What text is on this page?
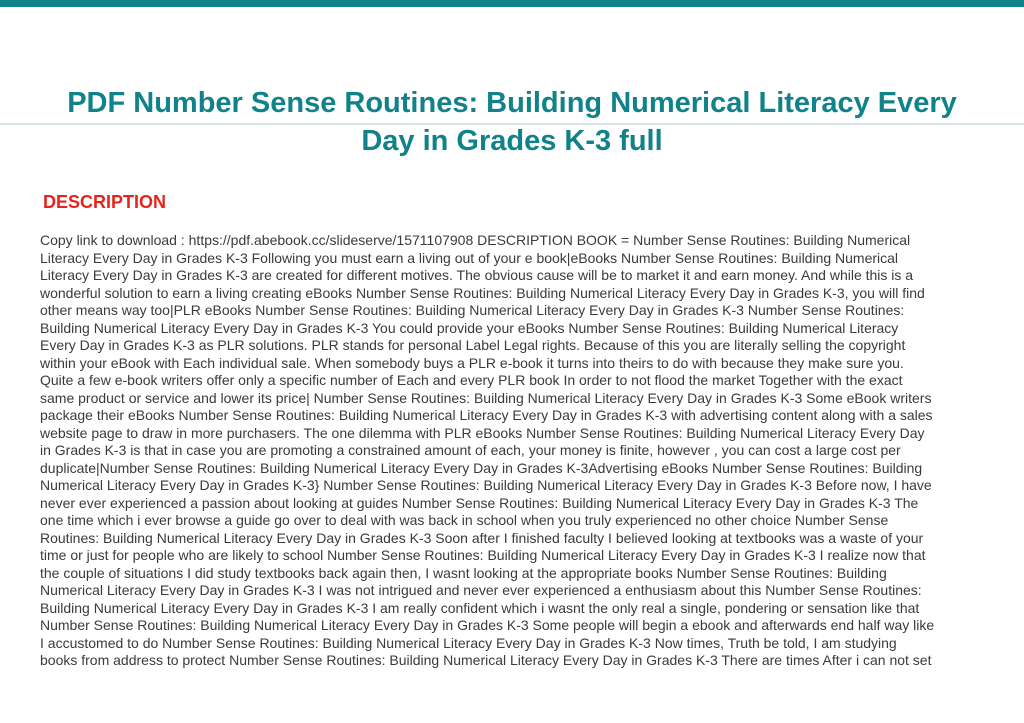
PDF Number Sense Routines: Building Numerical Literacy Every
Day in Grades K-3 full
DESCRIPTION
Copy link to download : https://pdf.abebook.cc/slideserve/1571107908 DESCRIPTION BOOK = Number Sense Routines: Building Numerical
Literacy Every Day in Grades K-3 Following you must earn a living out of your e book|eBooks Number Sense Routines: Building Numerical
Literacy Every Day in Grades K-3 are created for different motives. The obvious cause will be to market it and earn money. And while this is a
wonderful solution to earn a living creating eBooks Number Sense Routines: Building Numerical Literacy Every Day in Grades K-3, you will find
other means way too|PLR eBooks Number Sense Routines: Building Numerical Literacy Every Day in Grades K-3 Number Sense Routines:
Building Numerical Literacy Every Day in Grades K-3 You could provide your eBooks Number Sense Routines: Building Numerical Literacy
Every Day in Grades K-3 as PLR solutions. PLR stands for personal Label Legal rights. Because of this you are literally selling the copyright
within your eBook with Each individual sale. When somebody buys a PLR e-book it turns into theirs to do with because they make sure you.
Quite a few e-book writers offer only a specific number of Each and every PLR book In order to not flood the market Together with the exact
same product or service and lower its price| Number Sense Routines: Building Numerical Literacy Every Day in Grades K-3 Some eBook writers
package their eBooks Number Sense Routines: Building Numerical Literacy Every Day in Grades K-3 with advertising content along with a sales
website page to draw in more purchasers. The one dilemma with PLR eBooks Number Sense Routines: Building Numerical Literacy Every Day
in Grades K-3 is that in case you are promoting a constrained amount of each, your money is finite, however , you can cost a large cost per
duplicate|Number Sense Routines: Building Numerical Literacy Every Day in Grades K-3Advertising eBooks Number Sense Routines: Building
Numerical Literacy Every Day in Grades K-3} Number Sense Routines: Building Numerical Literacy Every Day in Grades K-3 Before now, I have
never ever experienced a passion about looking at guides Number Sense Routines: Building Numerical Literacy Every Day in Grades K-3 The
one time which i ever browse a guide go over to deal with was back in school when you truly experienced no other choice Number Sense
Routines: Building Numerical Literacy Every Day in Grades K-3 Soon after I finished faculty I believed looking at textbooks was a waste of your
time or just for people who are likely to school Number Sense Routines: Building Numerical Literacy Every Day in Grades K-3 I realize now that
the couple of situations I did study textbooks back again then, I wasnt looking at the appropriate books Number Sense Routines: Building
Numerical Literacy Every Day in Grades K-3 I was not intrigued and never ever experienced a enthusiasm about this Number Sense Routines:
Building Numerical Literacy Every Day in Grades K-3 I am really confident which i wasnt the only real a single, pondering or sensation like that
Number Sense Routines: Building Numerical Literacy Every Day in Grades K-3 Some people will begin a ebook and afterwards end half way like
I accustomed to do Number Sense Routines: Building Numerical Literacy Every Day in Grades K-3 Now times, Truth be told, I am studying
books from address to protect Number Sense Routines: Building Numerical Literacy Every Day in Grades K-3 There are times After i can not set
